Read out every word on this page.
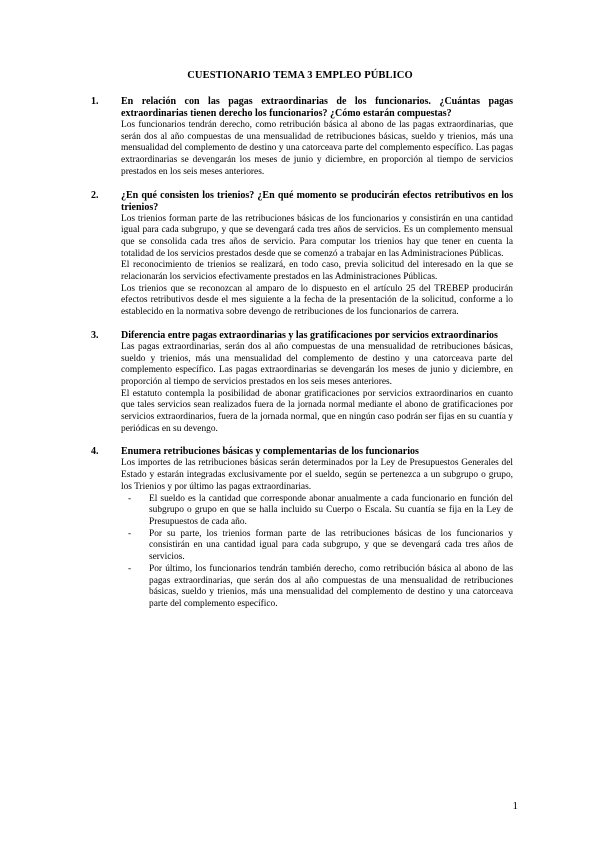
CUESTIONARIO TEMA 3 EMPLEO PÚBLICO
1.	En relación con las pagas extraordinarias de los funcionarios. ¿Cuántas pagas extraordinarias tienen derecho los funcionarios? ¿Cómo estarán compuestas?

Los funcionarios tendrán derecho, como retribución básica al abono de las pagas extraordinarias, que serán dos al año compuestas de una mensualidad de retribuciones básicas, sueldo y trienios, más una mensualidad del complemento de destino y una catorceava parte del complemento específico. Las pagas extraordinarias se devengarán los meses de junio y diciembre, en proporción al tiempo de servicios prestados en los seis meses anteriores.

2.	¿En qué consisten los trienios? ¿En qué momento se producirán efectos retributivos en los trienios?

Los trienios forman parte de las retribuciones básicas de los funcionarios y consistirán en una cantidad igual para cada subgrupo, y que se devengará cada tres años de servicios. Es un complemento mensual que se consolida cada tres años de servicio. Para computar los trienios hay que tener en cuenta la totalidad de los servicios prestados desde que se comenzó a trabajar en las Administraciones Públicas.

El reconocimiento de trienios se realizará, en todo caso, previa solicitud del interesado en la que se relacionarán los servicios efectivamente prestados en las Administraciones Públicas.

Los trienios que se reconozcan al amparo de lo dispuesto en el artículo 25 del TREBEP producirán efectos retributivos desde el mes siguiente a la fecha de la presentación de la solicitud, conforme a lo establecido en la normativa sobre devengo de retribuciones de los funcionarios de carrera.

3.	Diferencia entre pagas extraordinarias y las gratificaciones por servicios extraordinarios

Las pagas extraordinarias, serán dos al año compuestas de una mensualidad de retribuciones básicas, sueldo y trienios, más una mensualidad del complemento de destino y una catorceava parte del complemento específico. Las pagas extraordinarias se devengarán los meses de junio y diciembre, en proporción al tiempo de servicios prestados en los seis meses anteriores.

El estatuto contempla la posibilidad de abonar gratificaciones por servicios extraordinarios en cuanto que tales servicios sean realizados fuera de la jornada normal mediante el abono de gratificaciones por servicios extraordinarios, fuera de la jornada normal, que en ningún caso podrán ser fijas en su cuantía y periódicas en su devengo.

4.	Enumera retribuciones básicas y complementarias de los funcionarios

Los importes de las retribuciones básicas serán determinados por la Ley de Presupuestos Generales del Estado y estarán integradas exclusivamente por el sueldo, según se pertenezca a un subgrupo o grupo, los Trienios y por último las pagas extraordinarias.

- El sueldo es la cantidad que corresponde abonar anualmente a cada funcionario en función del subgrupo o grupo en que se halla incluido su Cuerpo o Escala. Su cuantía se fija en la Ley de Presupuestos de cada año.
- Por su parte, los trienios forman parte de las retribuciones básicas de los funcionarios y consistirán en una cantidad igual para cada subgrupo, y que se devengará cada tres años de servicios.
- Por último, los funcionarios tendrán también derecho, como retribución básica al abono de las pagas extraordinarias, que serán dos al año compuestas de una mensualidad de retribuciones básicas, sueldo y trienios, más una mensualidad del complemento de destino y una catorceava parte del complemento específico.
1
